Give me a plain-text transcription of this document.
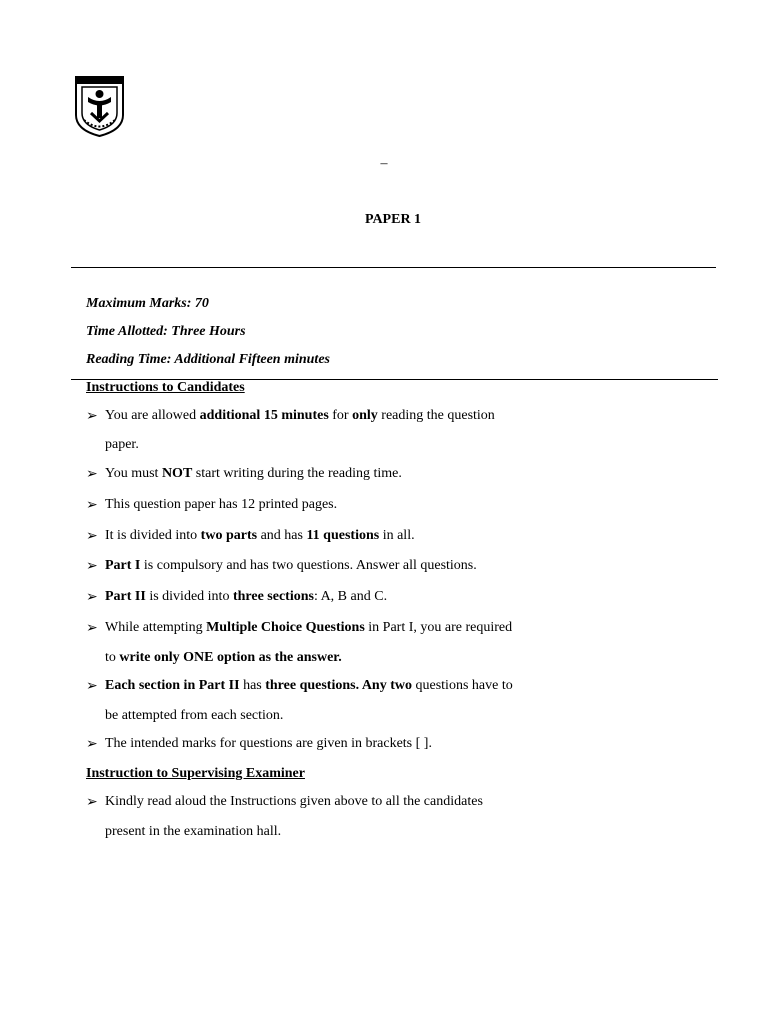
–
PAPER 1
Maximum Marks: 70
Time Allotted: Three Hours
Reading Time: Additional Fifteen minutes
Instructions to Candidates
➢ You are allowed additional 15 minutes for only reading the question
paper.
➢ You must NOT start writing during the reading time.
➢ This question paper has 12 printed pages.
➢ It is divided into two parts and has 11 questions in all.
➢ Part I is compulsory and has two questions. Answer all questions.
➢ Part II is divided into three sections: A, B and C.
➢ While attempting Multiple Choice Questions in Part I, you are required
to write only ONE option as the answer.
➢ Each section in Part II has three questions. Any two questions have to
be attempted from each section.
➢ The intended marks for questions are given in brackets [ ].
Instruction to Supervising Examiner
➢ Kindly read aloud the Instructions given above to all the candidates
present in the examination hall.
